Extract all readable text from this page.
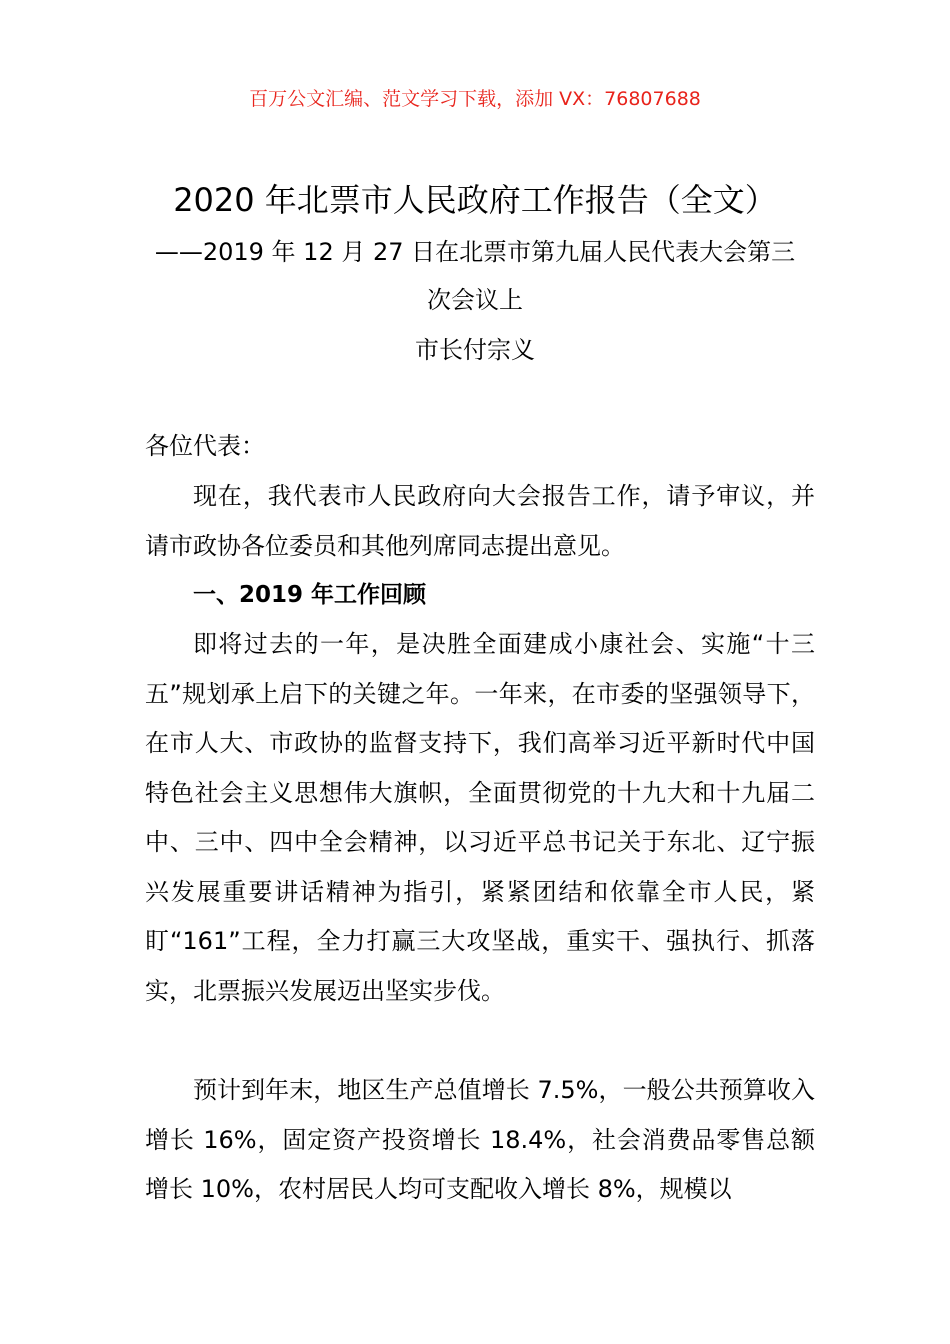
百万公文汇编、范文学习下载，添加 VX：76807688
2020 年北票市人民政府工作报告（全文）
——2019 年 12 月 27 日在北票市第九届人民代表大会第三
次会议上
市长付宗义
各位代表：

现在，我代表市人民政府向大会报告工作，请予审议，并请市政协各位委员和其他列席同志提出意见。

一、2019 年工作回顾

即将过去的一年，是决胜全面建成小康社会、实施“十三五”规划承上启下的关键之年。一年来，在市委的坚强领导下，在市人大、市政协的监督支持下，我们高举习近平新时代中国特色社会主义思想伟大旗帜，全面贯彻党的十九大和十九届二中、三中、四中全会精神，以习近平总书记关于东北、辽宁振兴发展重要讲话精神为指引，紧紧团结和依靠全市人民，紧盯“161”工程，全力打赢三大攻坚战，重实干、强执行、抓落实，北票振兴发展迈出坚实步伐。

预计到年末，地区生产总值增长 7.5%，一般公共预算收入增长 16%，固定资产投资增长 18.4%，社会消费品零售总额增长 10%，农村居民人均可支配收入增长 8%，规模以
